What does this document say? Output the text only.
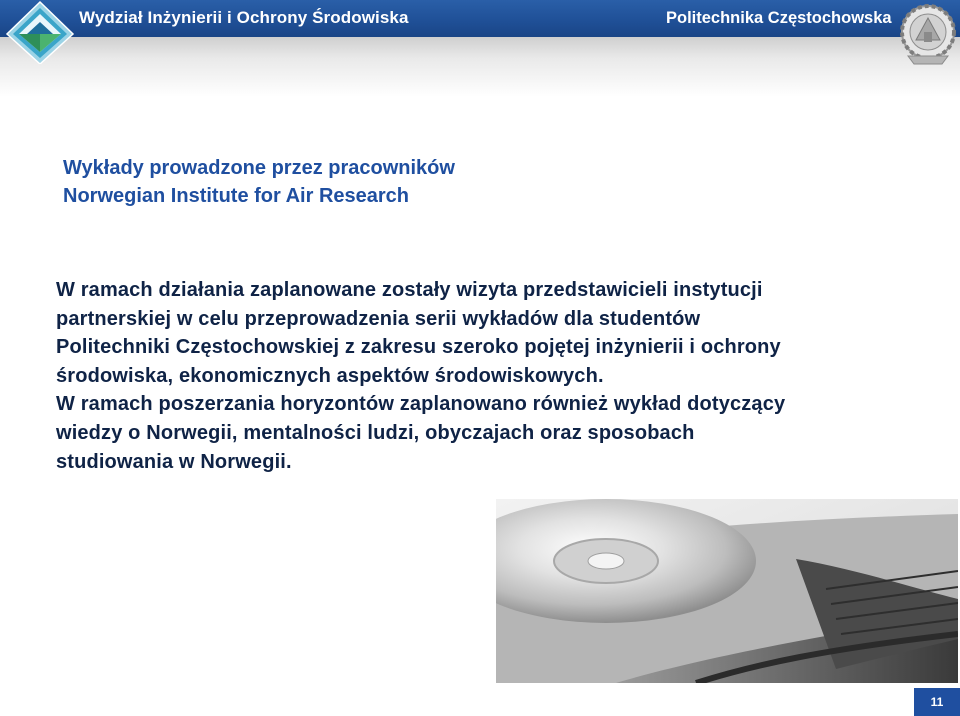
Wydział Inżynierii i Ochrony Środowiska	Politechnika Częstochowska
Wykłady prowadzone przez pracowników
Norwegian Institute for Air Research
W ramach działania zaplanowane zostały wizyta przedstawicieli instytucji
partnerskiej w celu przeprowadzenia serii wykładów dla studentów
Politechniki Częstochowskiej z zakresu szeroko pojętej inżynierii i ochrony
środowiska, ekonomicznych aspektów środowiskowych.
W ramach poszerzania horyzontów zaplanowano również wykład dotyczący
wiedzy o Norwegii, mentalności ludzi, obyczajach oraz sposobach
studiowania w Norwegii.
11
